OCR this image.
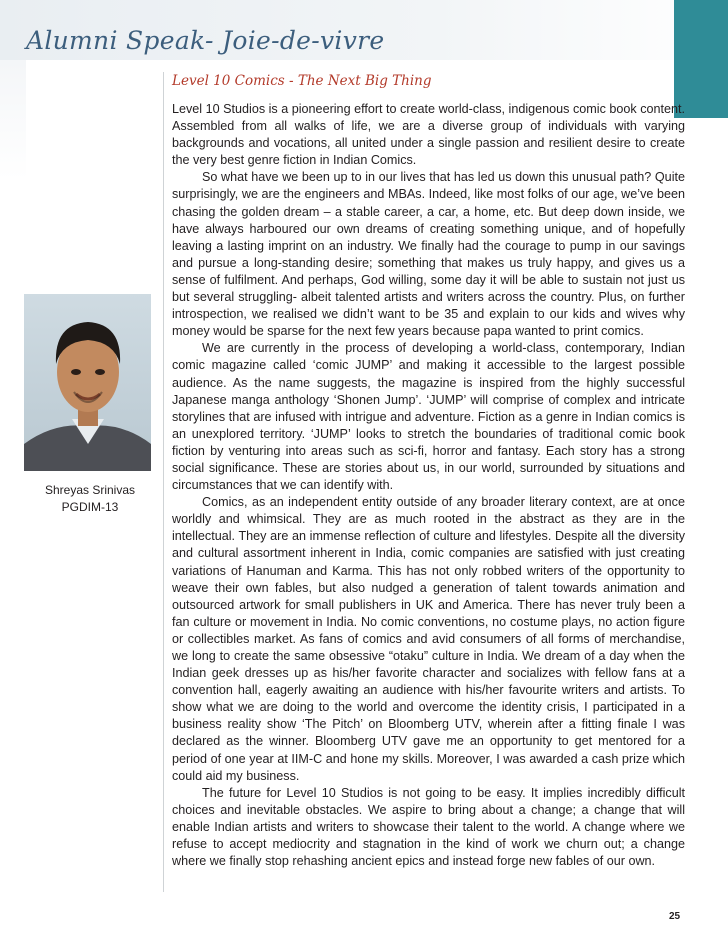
Alumni Speak- Joie-de-vivre
Shreyas Srinivas
PGDIM-13
Level 10 Comics - The Next Big Thing

Level 10 Studios is a pioneering effort to create world-class, indigenous comic book content. Assembled from all walks of life, we are a diverse group of individuals with varying backgrounds and vocations, all united under a single passion and resilient desire to create the very best genre fiction in Indian Comics.

So what have we been up to in our lives that has led us down this unusual path? Quite surprisingly, we are the engineers and MBAs. Indeed, like most folks of our age, we’ve been chasing the golden dream – a stable career, a car, a home, etc. But deep down inside, we have always harboured our own dreams of creating something unique, and of hopefully leaving a lasting imprint on an industry. We finally had the courage to pump in our savings and pursue a long-standing desire; something that makes us truly happy, and gives us a sense of fulfilment. And perhaps, God willing, some day it will be able to sustain not just us but several struggling- albeit talented artists and writers across the country. Plus, on further introspection, we realised we didn’t want to be 35 and explain to our kids and wives why money would be sparse for the next few years because papa wanted to print comics.

We are currently in the process of developing a world-class, contemporary, Indian comic magazine called ‘comic JUMP’ and making it accessible to the largest possible audience. As the name suggests, the magazine is inspired from the highly successful Japanese manga anthology ‘Shonen Jump’. ‘JUMP’ will comprise of complex and intricate storylines that are infused with intrigue and adventure. Fiction as a genre in Indian comics is an unexplored territory. ‘JUMP’ looks to stretch the boundaries of traditional comic book fiction by venturing into areas such as sci-fi, horror and fantasy. Each story has a strong social significance. These are stories about us, in our world, surrounded by situations and circumstances that we can identify with.

Comics, as an independent entity outside of any broader literary context, are at once worldly and whimsical. They are as much rooted in the abstract as they are in the intellectual. They are an immense reflection of culture and lifestyles. Despite all the diversity and cultural assortment inherent in India, comic companies are satisfied with just creating variations of Hanuman and Karma. This has not only robbed writers of the opportunity to weave their own fables, but also nudged a generation of talent towards animation and outsourced artwork for small publishers in UK and America. There has never truly been a fan culture or movement in India. No comic conventions, no costume plays, no action figure or collectibles market. As fans of comics and avid consumers of all forms of merchandise, we long to create the same obsessive “otaku” culture in India. We dream of a day when the Indian geek dresses up as his/her favorite character and socializes with fellow fans at a convention hall, eagerly awaiting an audience with his/her favourite writers and artists. To show what we are doing to the world and overcome the identity crisis, I participated in a business reality show ‘The Pitch’ on Bloomberg UTV, wherein after a fitting finale I was declared as the winner. Bloomberg UTV gave me an opportunity to get mentored for a period of one year at IIM-C and hone my skills. Moreover, I was awarded a cash prize which could aid my business.

The future for Level 10 Studios is not going to be easy. It implies incredibly difficult choices and inevitable obstacles. We aspire to bring about a change; a change that will enable Indian artists and writers to showcase their talent to the world. A change where we refuse to accept mediocrity and stagnation in the kind of work we churn out; a change where we finally stop rehashing ancient epics and instead forge new fables of our own.

25
